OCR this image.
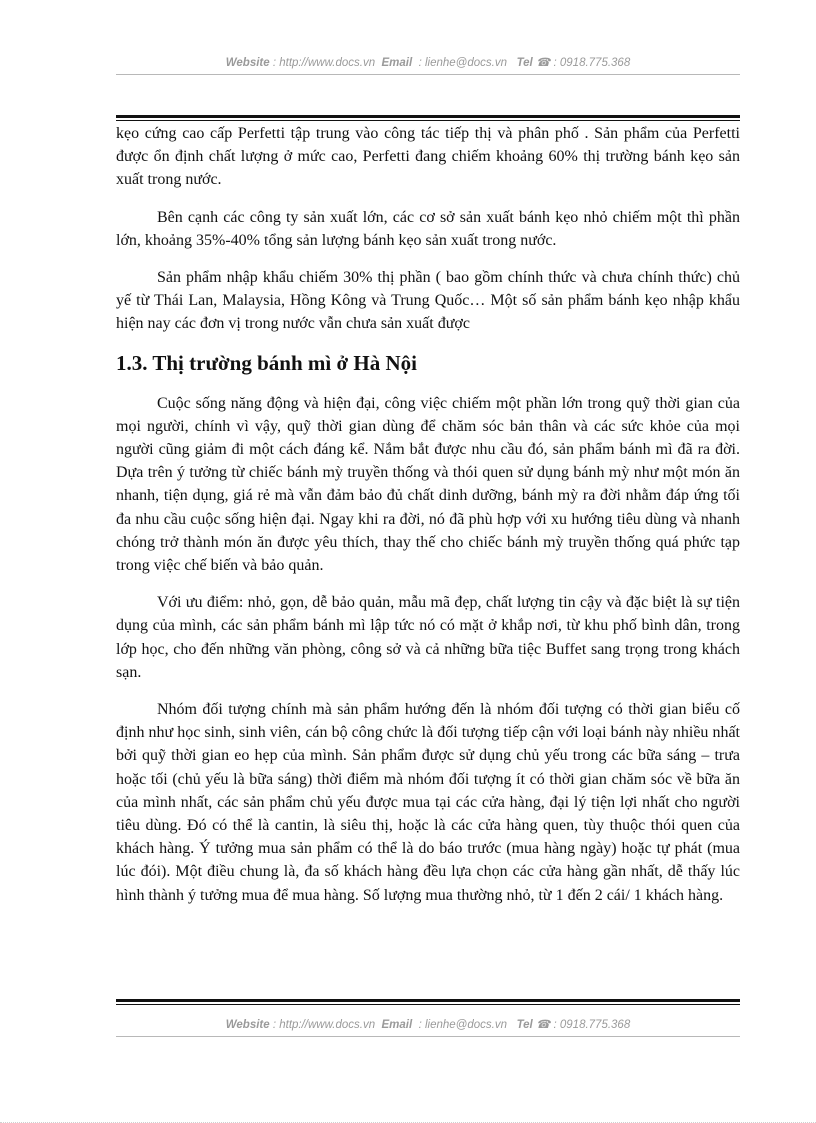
Website : http://www.docs.vn Email : lienhe@docs.vn Tel ☎ : 0918.775.368

kẹo cứng cao cấp Perfetti tập trung vào công tác tiếp thị và phân phố . Sản phẩm của Perfetti được ổn định chất lượng ở mức cao, Perfetti đang chiếm khoảng 60% thị trường bánh kẹo sản xuất trong nước.

Bên cạnh các công ty sản xuất lớn, các cơ sở sản xuất bánh kẹo nhỏ chiếm một thì phần lớn, khoảng 35%-40% tổng sản lượng bánh kẹo sản xuất trong nước.

Sản phẩm nhập khẩu chiếm 30% thị phần ( bao gồm chính thức và chưa chính thức) chủ yế từ Thái Lan, Malaysia, Hồng Kông và Trung Quốc… Một số sản phẩm bánh kẹo nhập khẩu hiện nay các đơn vị trong nước vẫn chưa sản xuất được

1.3. Thị trường bánh mì ở Hà Nội

Cuộc sống năng động và hiện đại, công việc chiếm một phần lớn trong quỹ thời gian của mọi người, chính vì vậy, quỹ thời gian dùng để chăm sóc bản thân và các sức khỏe của mọi người cũng giảm đi một cách đáng kể. Nắm bắt được nhu cầu đó, sản phẩm bánh mì đã ra đời. Dựa trên ý tưởng từ chiếc bánh mỳ truyền thống và thói quen sử dụng bánh mỳ như một món ăn nhanh, tiện dụng, giá rẻ mà vẫn đảm bảo đủ chất dinh dưỡng, bánh mỳ ra đời nhằm đáp ứng tối đa nhu cầu cuộc sống hiện đại. Ngay khi ra đời, nó đã phù hợp với xu hướng tiêu dùng và nhanh chóng trở thành món ăn được yêu thích, thay thế cho chiếc bánh mỳ truyền thống quá phức tạp trong việc chế biến và bảo quản.

Với ưu điểm: nhỏ, gọn, dễ bảo quản, mẫu mã đẹp, chất lượng tin cậy và đặc biệt là sự tiện dụng của mình, các sản phẩm bánh mì lập tức nó có mặt ở khắp nơi, từ khu phố bình dân, trong lớp học, cho đến những văn phòng, công sở và cả những bữa tiệc Buffet sang trọng trong khách sạn.

Nhóm đối tượng chính mà sản phẩm hướng đến là nhóm đối tượng có thời gian biểu cố định như học sinh, sinh viên, cán bộ công chức là đối tượng tiếp cận với loại bánh này nhiều nhất bởi quỹ thời gian eo hẹp của mình. Sản phẩm được sử dụng chủ yếu trong các bữa sáng – trưa hoặc tối (chủ yếu là bữa sáng) thời điểm mà nhóm đối tượng ít có thời gian chăm sóc về bữa ăn của mình nhất, các sản phẩm chủ yếu được mua tại các cửa hàng, đại lý tiện lợi nhất cho người tiêu dùng. Đó có thể là cantin, là siêu thị, hoặc là các cửa hàng quen, tùy thuộc thói quen của khách hàng. Ý tưởng mua sản phẩm có thể là do báo trước (mua hàng ngày) hoặc tự phát (mua lúc đói). Một điều chung là, đa số khách hàng đều lựa chọn các cửa hàng gần nhất, dễ thấy lúc hình thành ý tưởng mua để mua hàng. Số lượng mua thường nhỏ, từ 1 đến 2 cái/ 1 khách hàng.

Website : http://www.docs.vn Email : lienhe@docs.vn Tel ☎ : 0918.775.368
